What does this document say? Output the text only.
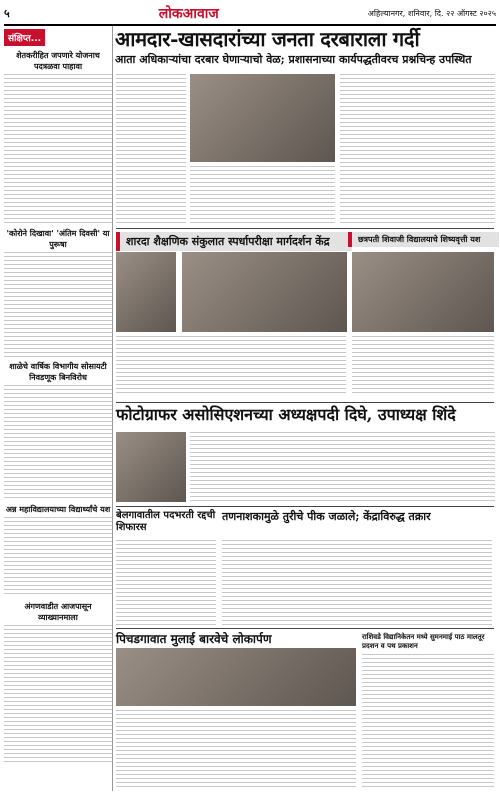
५	लोकआवाज	अहिल्यानगर, शनिवार, दि. २२ ऑगस्ट २०२५
संक्षिप्त...
शेतकरीहित जपणारे योजनाच पदत्रळवा पाहावा
'कोरोने दिखावा' 'अंतिम दिवसी' या पुरूषा
शाळेचे वार्षिक विभागीय सोसायटी निवडणूक बिनविरोध
अन्न महाविद्यालयाच्या विद्यार्थ्यांचे यश
अंगणवाडीत आजपासून व्याख्यानमाला
आमदार-खासदारांच्या जनता दरबाराला गर्दी
आता अधिकाऱ्यांचा दरबार घेणार्‍याचो वेळ; प्रशासनाच्या कार्यपद्धतीवरच प्रश्नचिन्ह उपस्थित
शारदा शैक्षणिक संकुलात स्पर्धापरीक्षा मार्गदर्शन केंद्र	छत्रपती शिवाजी विद्यालयाचे शिष्यवृत्ती यश
फोटोग्राफर असोसिएशनच्या अध्यक्षपदी दिघे, उपाध्यक्ष शिंदे
बेलगावातील पदभरती रद्दची शिफारस
तणनाशकामुळे तुरीचे पीक जळाले; केंद्राविरुद्ध तक्रार
पिचडगावात मुलाई बारवेचे लोकार्पण	राशिवडे विद्यानिकेतन मध्ये सुमनमाई पाठ मालतूर प्रदशन व पथ प्रकाशन
